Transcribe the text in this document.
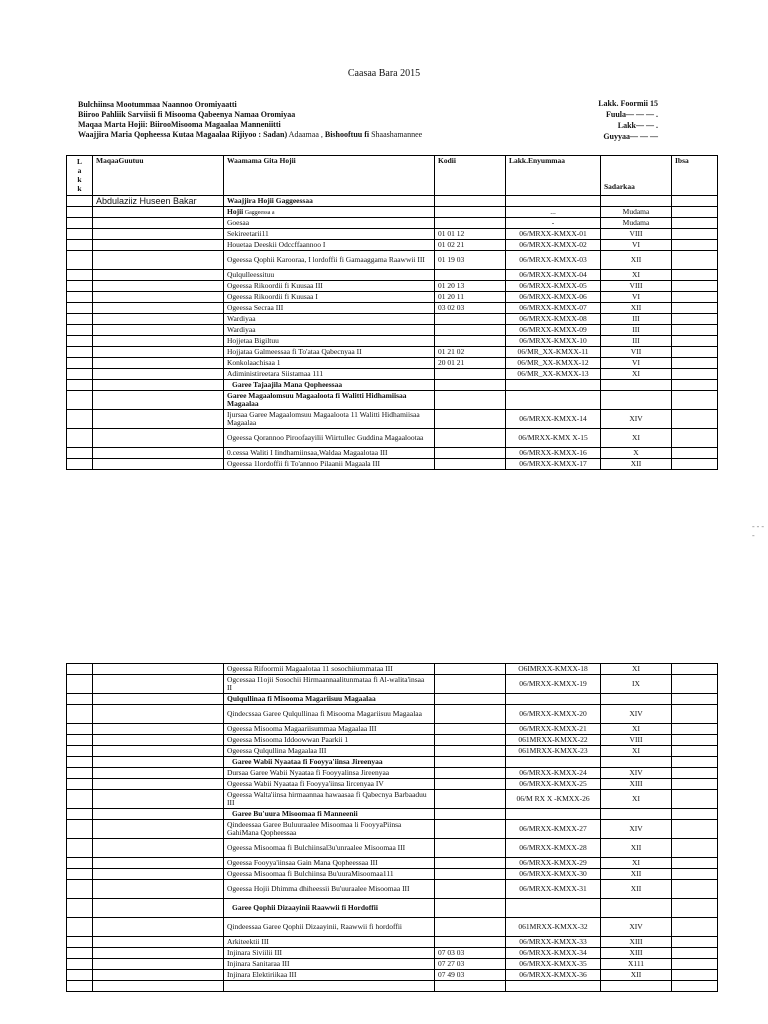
Caasaa Bara 2015
Bulchiinsa Mootummaa Naannoo Oromiyaatti
Biiroo Pahliik Sarviisii fi Misooma Qabeenya Namaa Oromiyaa
Maqaa Marta Hojii: BiirooMisooma Magaalaa Manneniitti
Waajjira Maria Qopheessa Kutaa Magaalaa Rijiyoo : Sadan) Adaamaa , Bishooftuu fi Shaashamannee
Lakk. Foormii 15
Fuula— — — .
Lakk— — .
Guyyaa— — —
L
a
k
k	MaqaaGuutuu	Waamama Gita Hojii	Kodii	Lakk.Enyummaa	Sadarkaa	Ibsa
	Abdulaziiz Huseen Bakar	Waajjira Hojii Gaggeessaa				
		Hojii Gaggeessa a		...	Mudama	
		Goesaa		-	Mudama	
		Sekireetarii11	01 01 12	06/MRXX-KMXX-01	VIII	
		Houetaa Deeskii Odccffaannoo I	01 02 21	06/MRXX-KMXX-02	VI	
		Ogeessa Qophii Karooraa, I lordoffii fi Gamaaggama Raawwii III	01 19 03	06/MRXX-KMXX-03	XII	
		Qulqulleessituu		06/MRXX-KMXX-04	XI	
		Ogeessa Rikoordii fi Kuusaa III	01 20 13	06/MRXX-KMXX-05	VIII	
		Ogeessa Rikoordii fi Kuusaa I	01 20 11	06/MRXX-KMXX-06	VI	
		Ogeessa Secraa III	03 02 03	06/MRXX-KMXX-07	XII	
		Wardiyaa		06/MRXX-KMXX-08	III	
		Wardiyaa		06/MRXX-KMXX-09	III	
		Hojjetaa Bigiltuu		06/MRXX-KMXX-10	III	
		Hojjataa Galmeessaa fi To'ataa Qabecnyaa II	01 21 02	06/MR_XX-KMXX-11	VII	
		Konkolaachisaa 1	20 01 21	06/MR_XX-KMXX-12	VI	
		Adiministireetara Siistamaa 111		06/MR_XX-KMXX-13	XI	
		Garee Tajaajila Mana Qopheessaa				
		Garee Magaalomsuu Magaaloota fi Walitti Hidhamiisaa Magaalaa				
		Ijursaa Garee Magaalomsuu Magaaloota 11 Walitti Hidhamiisaa Magaalaa		06/MRXX-KMXX-14	XIV	
		Ogeessa Qorannoo Piroofaayilii Wiirtullec Guddina Magaalootaa		06/MRXX-KMX X-15	XI	
		0.cessa Waliti I Iindhamiinsaa,Waldaa Magaalotaa III		06/MRXX-KMXX-16	X	
		Ogeessa 1lordoffii fi To'annoo Pilaanii Magaala III		06/MRXX-KMXX-17	XII	
		Ogeessa Rifoormii Magaalotaa 11 sosochiiummataa III		O6IMRXX-KMXX-18	XI	
		Ogcessaa I1ojii Sosochii Hirmaannaalitunmataa fi Al-walita'insaa II		06/MRXX-KMXX-19	IX	
		Qulqullinaa fi Misooma Magariisuu Magaalaa				
		Qindecssaa Garee Qulqullinaa fi Misooma Magariisuu Magaalaa		06/MRXX-KMXX-20	XIV	
		Ogeessa Misooma Magaariisummaa Magaalaa III		06/MRXX-KMXX-21	XI	
		Ogeessa Misooma Iddoowwan Paarkii 1		061MRXX-KMXX-22	VIII	
		Ogeessa Qulqullina Magaalaa III		061MRXX-KMXX-23	XI	
		Garee Wabii Nyaataa fi Fooyya'iinsa Jireenyaa				
		Dursaa Garee Wabii Nyaataa fi Fooyyalinsa Jireenyaa		06/MRXX-KMXX-24	XIV	
		Ogeessa Wabii Nyaataa fi Fooyya'iinsa Iircenyaa IV		06/MRXX-KMXX-25	XIII	
		Ogeessa Walta'iinsa hirmaannaa hawaasaa fi Qabecnya Barbaaduu III		06/M RX X -KMXX-26	XI	
		Garee Bu'uura Misoomaa fi Manneenii				
		Qindeessaa Garee Buluuraalee Misoomaa li FooyyaPiinsa GahiMana Qopheessaa		06/MRXX-KMXX-27	XIV	
		Ogeessa Misoomaa fi Bulchiinsal3u'unraalee Misoomaa III		06/MRXX-KMXX-28	XII	
		Ogeessa Fooyya'iinsaa Gain Mana Qopheessaa III		06/MRXX-KMXX-29	XI	
		Ogeessa Misoomaa fi Bulchiinsa Bu'uuraMisoomaa111		06/MRXX-KMXX-30	XII	
		Ogeessa Hojii Dhimma dhiheessii Bu'uuraalee Misoomaa III		06/MRXX-KMXX-31	XII	
		Garee Qophii Dizaayinii Raawwii fi Hordoffii				
		Qindeessaa Garee Qophii Dizaayinii, Raawwii fi hordoffii		061MRXX-KMXX-32	XIV	
		Arkiteektii III		06/MRXX-KMXX-33	XIII	
		Injinara Siviilii III	07 03 03	06/MRXX-KMXX-34	XIII	
		Injinara Sanitaraa III	07 27 03	06/MRXX-KMXX-35	X111	
		Injinara Elektiriikaa III	07 49 03	06/MRXX-KMXX-36	XII	

- - - -
